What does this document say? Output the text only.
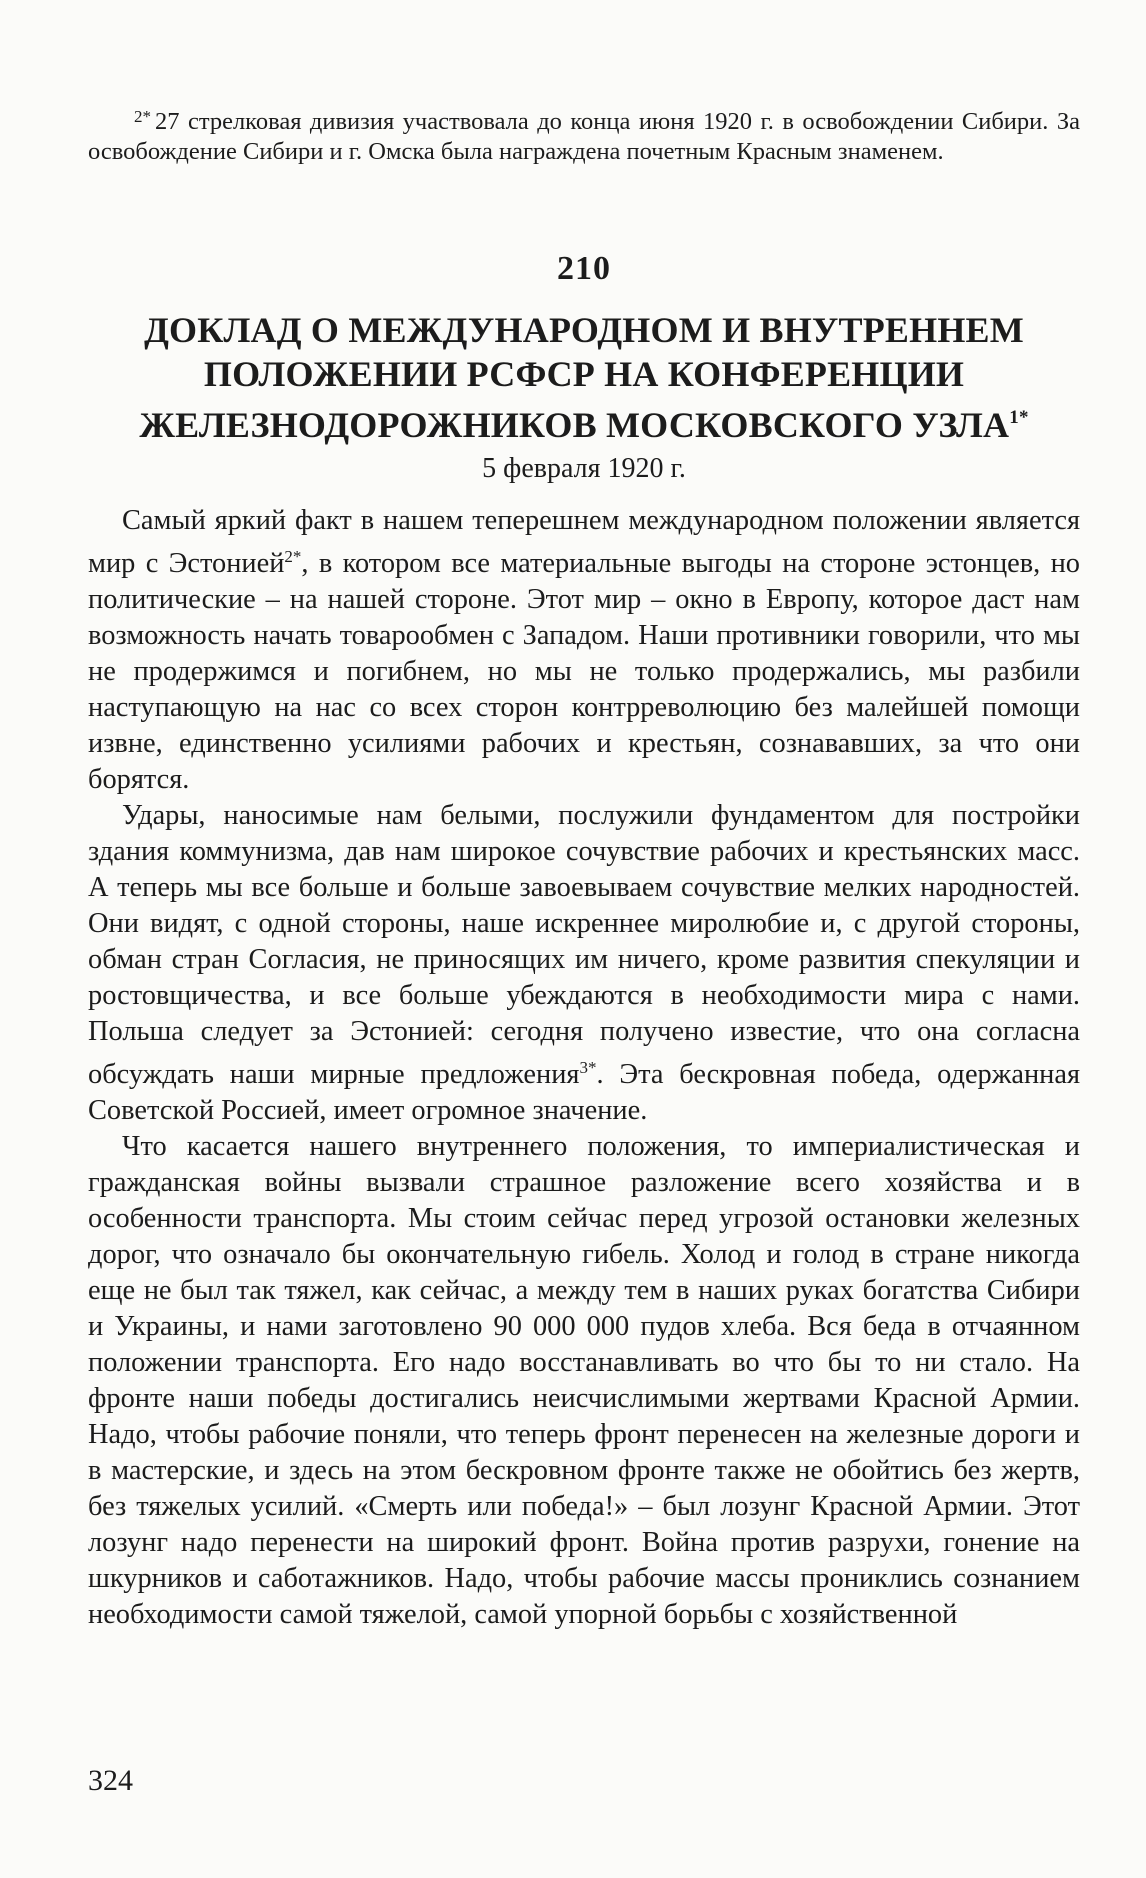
$^{2*}$ 27 стрелковая дивизия участвовала до конца июня 1920 г. в освобождении Сибири. За освобождение Сибири и г. Омска была награждена почетным Красным знаменем.
210
ДОКЛАД О МЕЖДУНАРОДНОМ И ВНУТРЕННЕМ ПОЛОЖЕНИИ РСФСР НА КОНФЕРЕНЦИИ ЖЕЛЕЗНОДОРОЖНИКОВ МОСКОВСКОГО $УЗЛА^{1*}$
5 февраля 1920 г.

Самый яркий факт в нашем теперешнем международном положении является мир с Эстонией$^{2*}$, в котором все материальные выгоды на стороне эстонцев, но политические – на нашей стороне. Этот мир – окно в Европу, которое даст нам возможность начать товарообмен с Западом. Наши противники говорили, что мы не продержимся и погибнем, но мы не только продержались, мы разбили наступающую на нас со всех сторон контрреволюцию без малейшей помощи извне, единственно усилиями рабочих и крестьян, сознававших, за что они борятся.

Удары, наносимые нам белыми, послужили фундаментом для постройки здания коммунизма, дав нам широкое сочувствие рабочих и крестьянских масс. А теперь мы все больше и больше завоевываем сочувствие мелких народностей. Они видят, с одной стороны, наше искреннее миролюбие и, с другой стороны, обман стран Согласия, не приносящих им ничего, кроме развития спекуляции и ростовщичества, и все больше убеждаются в необходимости мира с нами. Польша следует за Эстонией: сегодня получено известие, что она согласна обсуждать наши мирные предложения$^{3*}$. Эта бескровная победа, одержанная Советской Россией, имеет огромное значение.

Что касается нашего внутреннего положения, то империалистическая и гражданская войны вызвали страшное разложение всего хозяйства и в особенности транспорта. Мы стоим сейчас перед угрозой остановки железных дорог, что означало бы окончательную гибель. Холод и голод в стране никогда еще не был так тяжел, как сейчас, а между тем в наших руках богатства Сибири и Украины, и нами заготовлено 90 000 000 пудов хлеба. Вся беда в отчаянном положении транспорта. Его надо восстанавливать во что бы то ни стало. На фронте наши победы достигались неисчислимыми жертвами Красной Армии. Надо, чтобы рабочие поняли, что теперь фронт перенесен на железные дороги и в мастерские, и здесь на этом бескровном фронте также не обойтись без жертв, без тяжелых усилий. «Смерть или победа!» – был лозунг Красной Армии. Этот лозунг надо перенести на широкий фронт. Война против разрухи, гонение на шкурников и саботажников. Надо, чтобы рабочие массы прониклись сознанием необходимости самой тяжелой, самой упорной борьбы с хозяйственной

324
